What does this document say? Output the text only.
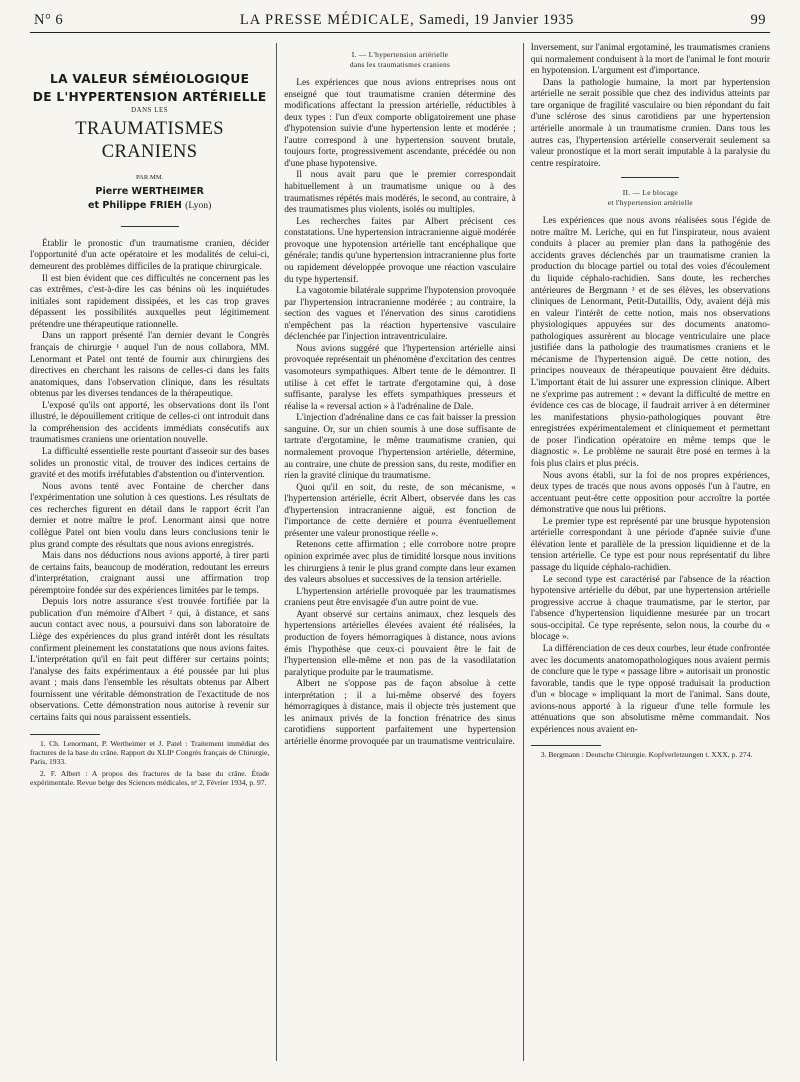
N° 6	LA PRESSE MÉDICALE, Samedi, 19 Janvier 1935	99
LA VALEUR SÉMÉIOLOGIQUE
DE L'HYPERTENSION ARTÉRIELLE
DANS LES
TRAUMATISMES CRANIENS
PAR MM.
Pierre WERTHEIMER
et Philippe FRIEH (Lyon)

Établir le pronostic d'un traumatisme cranien, décider l'opportunité d'un acte opératoire et les modalités de celui-ci, demeurent des problèmes difficiles de la pratique chirurgicale.

Il est bien évident que ces difficultés ne concernent pas les cas extrêmes, c'est-à-dire les cas bénins où les inquiétudes initiales sont rapidement dissipées, et les cas trop graves dépassent les possibilités auxquelles peut légitimement prétendre une thérapeutique rationnelle.

Dans un rapport présenté l'an dernier devant le Congrès français de chirurgie ¹ auquel l'un de nous collabora, MM. Lenormant et Patel ont tenté de fournir aux chirurgiens des directives en cherchant les raisons de celles-ci dans les faits anatomiques, dans l'observation clinique, dans les résultats obtenus par les diverses tendances de la thérapeutique.

L'exposé qu'ils ont apporté, les observations dont ils l'ont illustré, le dépouillement critique de celles-ci ont introduit dans la compréhension des accidents immédiats consécutifs aux traumatismes craniens une orientation nouvelle.

La difficulté essentielle reste pourtant d'asseoir sur des bases solides un pronostic vital, de trouver des indices certains de gravité et des motifs irréfutables d'abstention ou d'intervention.

Nous avons tenté avec Fontaine de chercher dans l'expérimentation une solution à ces questions. Les résultats de ces recherches figurent en détail dans le rapport écrit l'an dernier et notre maître le prof. Lenormant ainsi que notre collègue Patel ont bien voulu dans leurs conclusions tenir le plus grand compte des résultats que nous avions enregistrés.

Mais dans nos déductions nous avions apporté, à tirer parti de certains faits, beaucoup de modération, redoutant les erreurs d'interprétation, craignant aussi une affirmation trop péremptoire fondée sur des expériences limitées par le temps.

Depuis lors notre assurance s'est trouvée fortifiée par la publication d'un mémoire d'Albert ² qui, à distance, et sans aucun contact avec nous, a poursuivi dans son laboratoire de Liège des expériences du plus grand intérêt dont les résultats confirment pleinement les constatations que nous avions faites. L'interprétation qu'il en fait peut différer sur certains points; l'analyse des faits expérimentaux a été poussée par lui plus avant ; mais dans l'ensemble les résultats obtenus par Albert fournissent une véritable démonstration de l'exactitude de nos observations. Cette démonstration nous autorise à revenir sur certains faits qui nous paraissent essentiels.

1. Ch. Lenormant, P. Wertheimer et J. Patel : Traitement immédiat des fractures de la base du crâne. Rapport du XLIIᵉ Congrès français de Chirurgie, Paris, 1933.

2. F. Albert : A propos des fractures de la base du crâne. Étude expérimentale. Revue belge des Sciences médicales, nᵒ 2, Février 1934, p. 97.

I. — L'hypertension artérielle
dans les traumatismes craniens

Les expériences que nous avions entreprises nous ont enseigné que tout traumatisme cranien détermine des modifications affectant la pression artérielle, réductibles à deux types : l'un d'eux comporte obligatoirement une phase d'hypotension suivie d'une hypertension lente et modérée ; l'autre correspond à une hypertension souvent brutale, toujours forte, progressivement ascendante, précédée ou non d'une phase hypotensive.

Il nous avait paru que le premier correspondait habituellement à un traumatisme unique ou à des traumatismes répétés mais modérés, le second, au contraire, à des traumatismes plus violents, isolés ou multiples.

Les recherches faites par Albert précisent ces constatations. Une hypertension intracranienne aiguë modérée provoque une hypotension artérielle tant encéphalique que générale; tandis qu'une hypertension intracranienne plus forte ou rapidement développée provoque une réaction vasculaire du type hypertensif.

La vagotomie bilatérale supprime l'hypotension provoquée par l'hypertension intracranienne modérée ; au contraire, la section des vagues et l'énervation des sinus carotidiens n'empêchent pas la réaction hypertensive vasculaire déclenchée par l'injection intraventriculaire.

Nous avions suggéré que l'hypertension artérielle ainsi provoquée représentait un phénomène d'excitation des centres vasomoteurs sympathiques. Albert tente de le démontrer. Il utilise à cet effet le tartrate d'ergotamine qui, à dose suffisante, paralyse les effets sympathiques presseurs et réalise la « reversal action » à l'adrénaline de Dale.

L'injection d'adrénaline dans ce cas fait baisser la pression sanguine. Or, sur un chien soumis à une dose suffisante de tartrate d'ergotamine, le même traumatisme cranien, qui normalement provoque l'hypertension artérielle, détermine, au contraire, une chute de pression sans, du reste, modifier en rien la gravité clinique du traumatisme.

Quoi qu'il en soit, du reste, de son mécanisme, « l'hypertension artérielle, écrit Albert, observée dans les cas d'hypertension intracranienne aiguë, est fonction de l'importance de cette dernière et pourra éventuellement présenter une valeur pronostique réelle ».

Retenons cette affirmation ; elle corrobore notre propre opinion exprimée avec plus de timidité lorsque nous invitions les chirurgiens à tenir le plus grand compte dans leur examen des valeurs absolues et successives de la tension artérielle.

L'hypertension artérielle provoquée par les traumatismes craniens peut être envisagée d'un autre point de vue.

Ayant observé sur certains animaux, chez lesquels des hypertensions artérielles élevées avaient été réalisées, la production de foyers hémorragiques à distance, nous avions émis l'hypothèse que ceux-ci pouvaient être le fait de l'hypertension elle-même et non pas de la vasodilatation paralytique produite par le traumatisme.

Albert ne s'oppose pas de façon absolue à cette interprétation ; il a lui-même observé des foyers hémorragiques à distance, mais il objecte très justement que les animaux privés de la fonction frénatrice des sinus carotidiens supportent parfaitement une hypertension artérielle énorme provoquée par un traumatisme ventriculaire.

Inversement, sur l'animal ergotaminé, les traumatismes craniens qui normalement conduisent à la mort de l'animal le font mourir en hypotension. L'argument est d'importance.

Dans la pathologie humaine, la mort par hypertension artérielle ne serait possible que chez des individus atteints par tare organique de fragilité vasculaire ou bien répondant du fait d'une sclérose des sinus carotidiens par une hypertension artérielle anormale à un traumatisme cranien. Dans tous les autres cas, l'hypertension artérielle conserverait seulement sa valeur pronostique et la mort serait imputable à la paralysie du centre respiratoire.

II. — Le blocage
et l'hypertension artérielle

Les expériences que nous avons réalisées sous l'égide de notre maître M. Leriche, qui en fut l'inspirateur, nous avaient conduits à placer au premier plan dans la pathogénie des accidents graves déclenchés par un traumatisme cranien la production du blocage partiel ou total des voies d'écoulement du liquide céphalo-rachidien. Sans doute, les recherches antérieures de Bergmann ³ et de ses élèves, les observations cliniques de Lenormant, Petit-Dutaillis, Ody, avaient déjà mis en valeur l'intérêt de cette notion, mais nos observations physiologiques appuyées sur des documents anatomo-pathologiques assurèrent au blocage ventriculaire une place justifiée dans la pathologie des traumatismes craniens et le mécanisme de l'hypertension aiguë. De cette notion, des principes nouveaux de thérapeutique pouvaient être déduits. L'important était de lui assurer une expression clinique. Albert ne s'exprime pas autrement : « devant la difficulté de mettre en évidence ces cas de blocage, il faudrait arriver à en déterminer les manifestations physio-pathologiques pouvant être enregistrées expérimentalement et cliniquement et permettant de poser l'indication opératoire en même temps que le diagnostic ». Le problème ne saurait être posé en termes à la fois plus clairs et plus précis.

Nous avons établi, sur la foi de nos propres expériences, deux types de tracés que nous avons opposés l'un à l'autre, en accentuant peut-être cette opposition pour accroître la portée démonstrative que nous lui prêtions.

Le premier type est représenté par une brusque hypotension artérielle correspondant à une période d'apnée suivie d'une élévation lente et parallèle de la pression liquidienne et de la tension artérielle. Ce type est pour nous représentatif du libre passage du liquide céphalo-rachidien.

Le second type est caractérisé par l'absence de la réaction hypotensive artérielle du début, par une hypertension artérielle progressive accrue à chaque traumatisme, par le stertor, par l'absence d'hypertension liquidienne mesurée par un trocart sous-occipital. Ce type représente, selon nous, la courbe du « blocage ».

La différenciation de ces deux courbes, leur étude confrontée avec les documents anatomopathologiques nous avaient permis de conclure que le type « passage libre » autorisait un pronostic favorable, tandis que le type opposé traduisait la production d'un « blocage » impliquant la mort de l'animal. Sans doute, avions-nous apporté à la rigueur d'une telle formule les atténuations que son absolutisme même commandait. Nos expériences nous avaient en-

3. Bergmann : Deutsche Chirurgie. Kopfverletzungen t. XXX, p. 274.
